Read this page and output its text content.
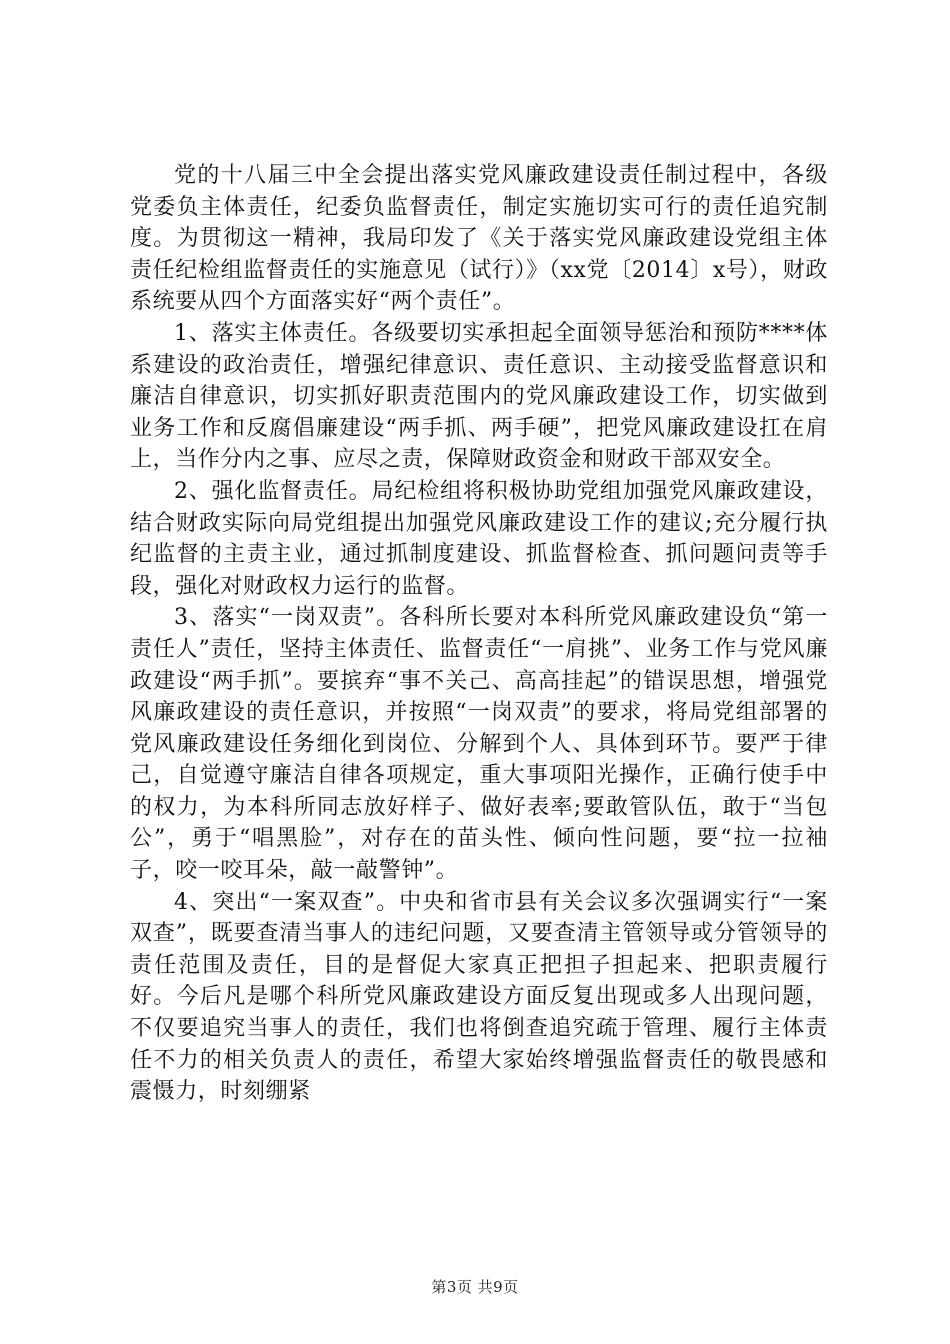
党的十八届三中全会提出落实党风廉政建设责任制过程中，各级党委负主体责任，纪委负监督责任，制定实施切实可行的责任追究制度。为贯彻这一精神，我局印发了《关于落实党风廉政建设党组主体责任纪检组监督责任的实施意见（试行）》（xx党〔2014〕x号），财政系统要从四个方面落实好“两个责任”。

1、落实主体责任。各级要切实承担起全面领导惩治和预防****体系建设的政治责任，增强纪律意识、责任意识、主动接受监督意识和廉洁自律意识，切实抓好职责范围内的党风廉政建设工作，切实做到业务工作和反腐倡廉建设“两手抓、两手硬”，把党风廉政建设扛在肩上，当作分内之事、应尽之责，保障财政资金和财政干部双安全。

2、强化监督责任。局纪检组将积极协助党组加强党风廉政建设，结合财政实际向局党组提出加强党风廉政建设工作的建议;充分履行执纪监督的主责主业，通过抓制度建设、抓监督检查、抓问题问责等手段，强化对财政权力运行的监督。

3、落实“一岗双责”。各科所长要对本科所党风廉政建设负“第一责任人”责任，坚持主体责任、监督责任“一肩挑”、业务工作与党风廉政建设“两手抓”。要摈弃“事不关己、高高挂起”的错误思想，增强党风廉政建设的责任意识，并按照“一岗双责”的要求，将局党组部署的党风廉政建设任务细化到岗位、分解到个人、具体到环节。要严于律己，自觉遵守廉洁自律各项规定，重大事项阳光操作，正确行使手中的权力，为本科所同志放好样子、做好表率;要敢管队伍，敢于“当包公”，勇于“唱黑脸”，对存在的苗头性、倾向性问题，要“拉一拉袖子，咬一咬耳朵，敲一敲警钟”。

4、突出“一案双查”。中央和省市县有关会议多次强调实行“一案双查”，既要查清当事人的违纪问题，又要查清主管领导或分管领导的责任范围及责任，目的是督促大家真正把担子担起来、把职责履行好。今后凡是哪个科所党风廉政建设方面反复出现或多人出现问题，不仅要追究当事人的责任，我们也将倒查追究疏于管理、履行主体责任不力的相关负责人的责任，希望大家始终增强监督责任的敬畏感和震慑力，时刻绷紧

第3页 共9页
